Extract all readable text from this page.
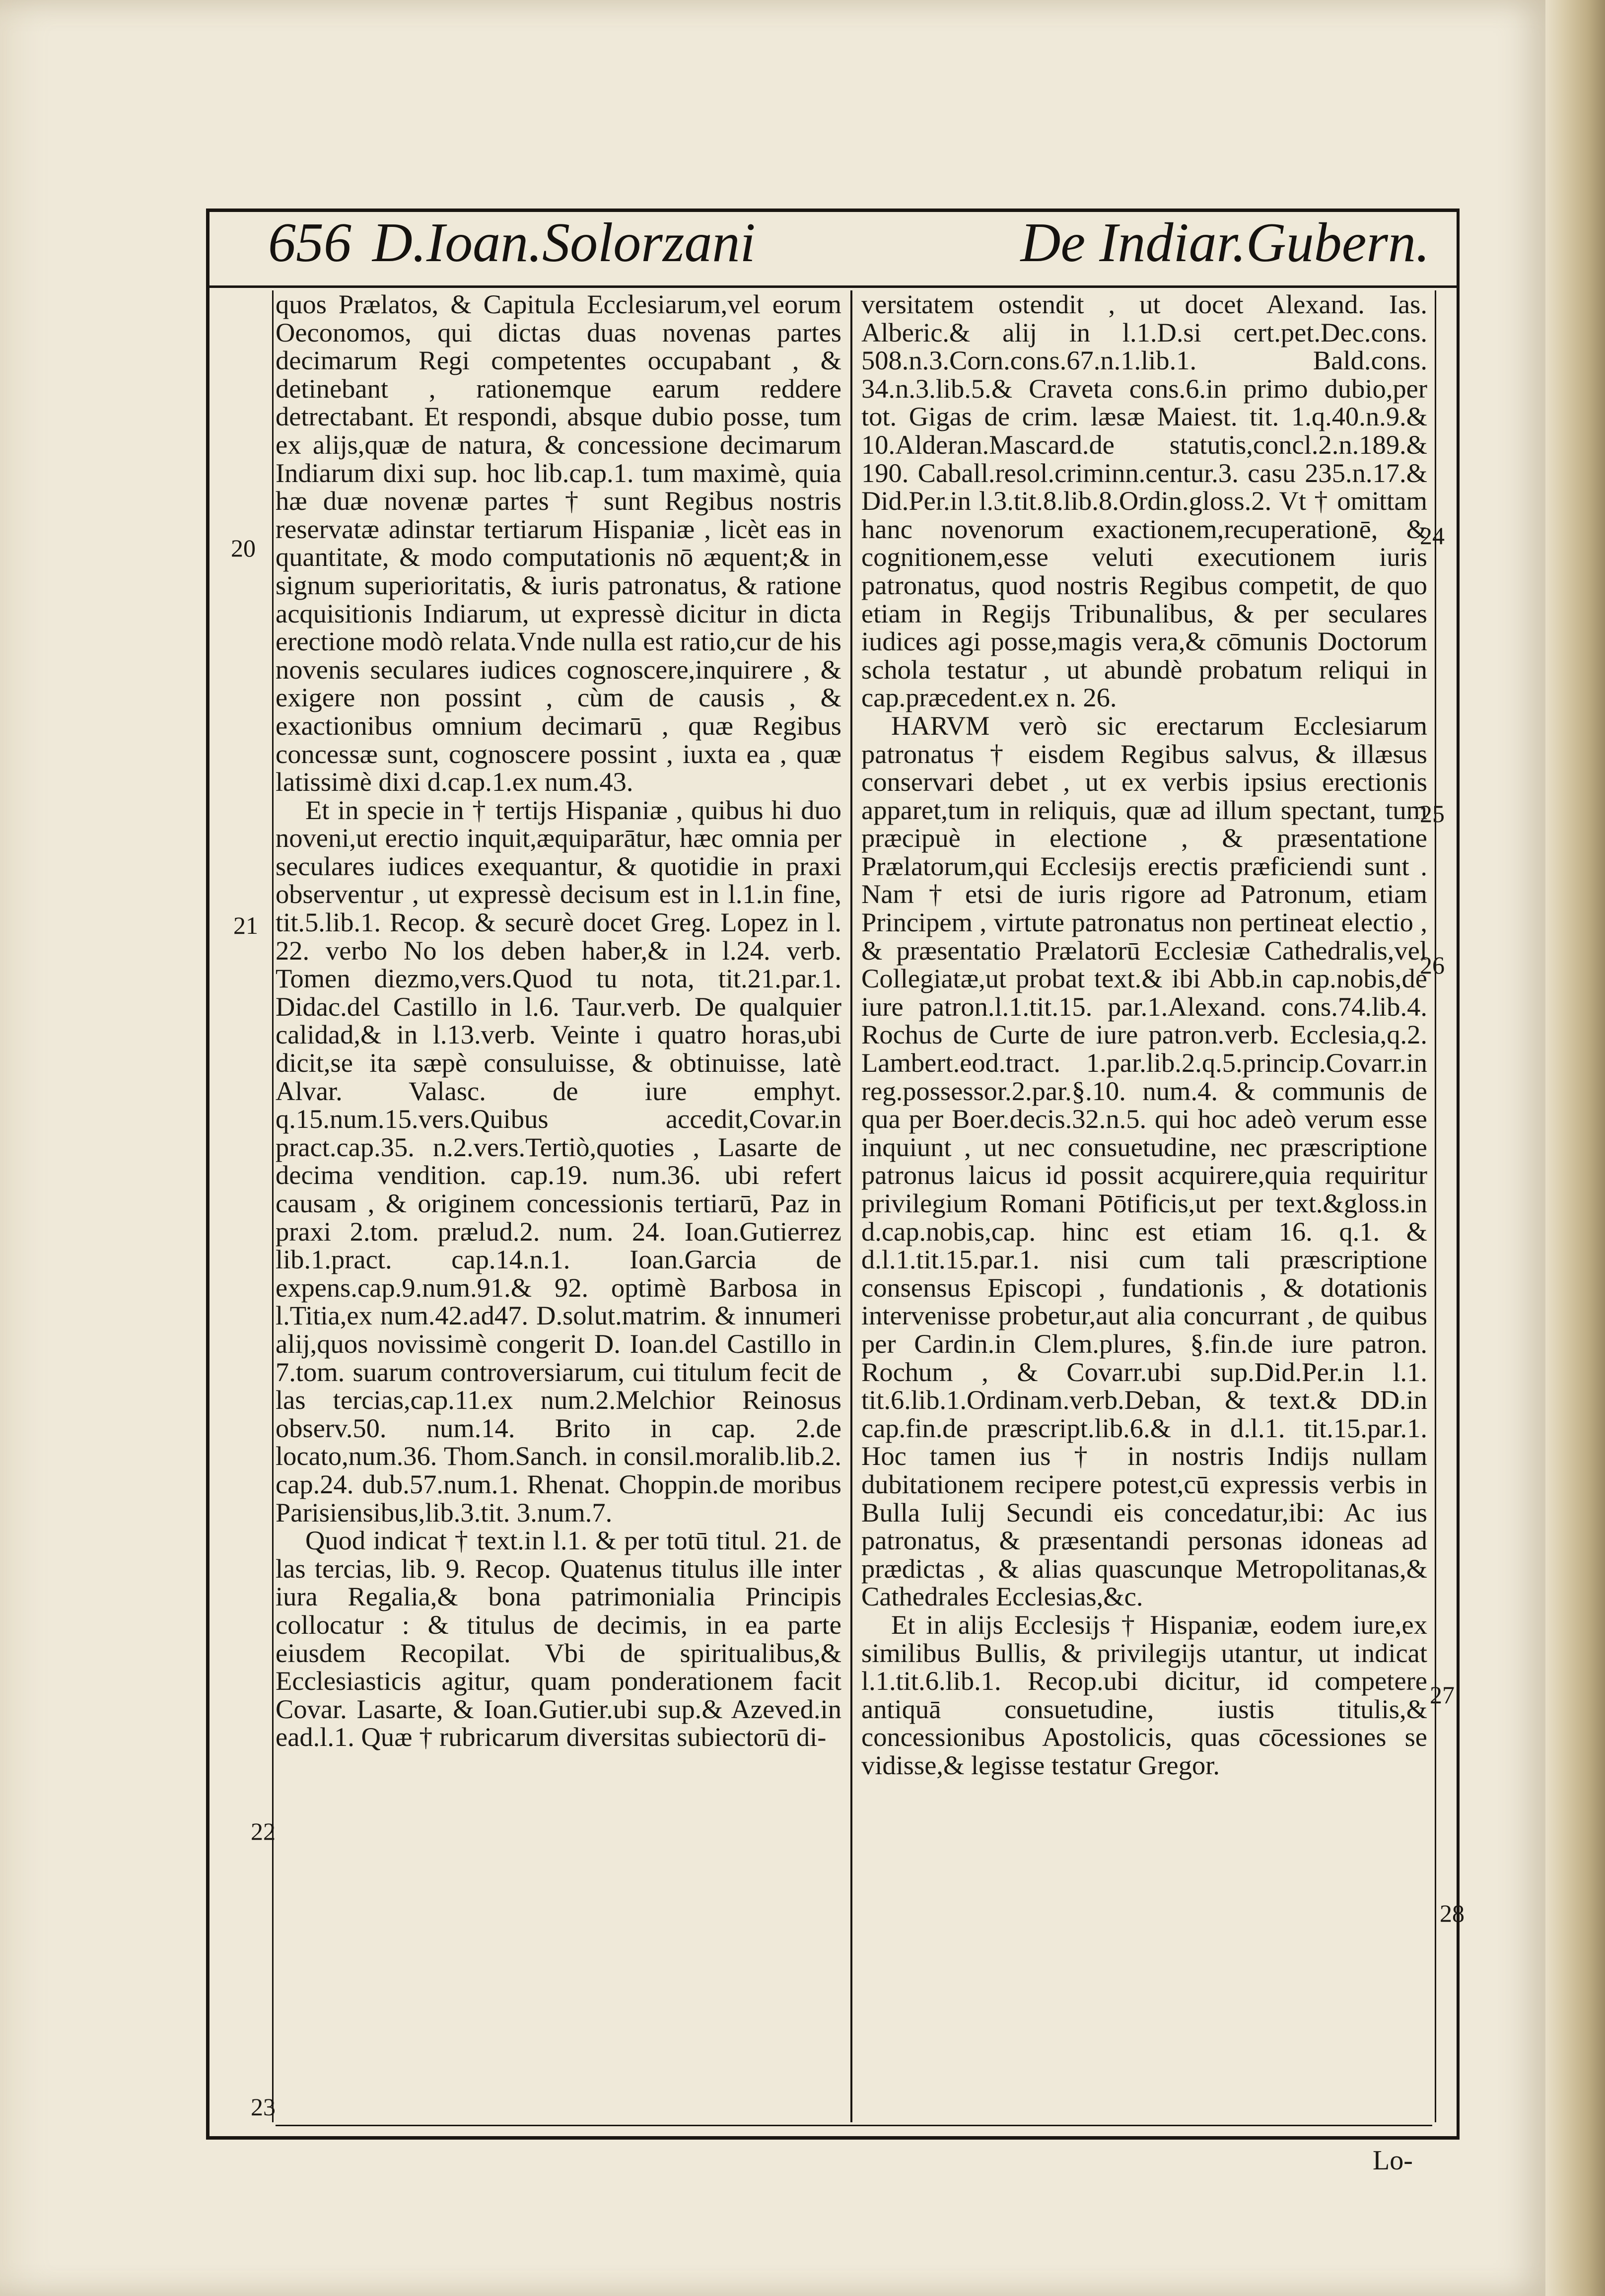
656 D.Ioan.Solorzani	De Indiar.Gubern.

quos Prælatos, & Capitula Ecclesiarum,vel eorum Oeconomos, qui dictas duas novenas partes decimarum Regi competentes occupabant , & detinebant , rationemque earum reddere detrectabant. Et respondi, absque dubio posse, tum ex alijs,quæ de natura, & concessione decimarum Indiarum dixi sup. hoc lib.cap.1. tum maximè, quia hæ duæ novenæ partes † sunt Regibus nostris reservatæ adinstar tertiarum Hispaniæ , licèt eas in quantitate, & modo computationis nō æquent;& in signum superioritatis, & iuris patronatus, & ratione acquisitionis Indiarum, ut expressè dicitur in dicta erectione modò relata.Vnde nulla est ratio,cur de his novenis seculares iudices cognoscere,inquirere , & exigere non possint , cùm de causis , & exactionibus omnium decimarū , quæ Regibus concessæ sunt, cognoscere possint , iuxta ea , quæ latissimè dixi d.cap.1.ex num.43.

Et in specie in † tertijs Hispaniæ , quibus hi duo noveni,ut erectio inquit,æquiparātur, hæc omnia per seculares iudices exequantur, & quotidie in praxi observentur , ut expressè decisum est in l.1.in fine, tit.5.lib.1. Recop. & securè docet Greg. Lopez in l. 22. verbo No los deben haber,& in l.24. verb. Tomen diezmo,vers.Quod tu nota, tit.21.par.1. Didac.del Castillo in l.6. Taur.verb. De qualquier calidad,& in l.13.verb. Veinte i quatro horas,ubi dicit,se ita sæpè consuluisse, & obtinuisse, latè Alvar. Valasc. de iure emphyt. q.15.num.15.vers.Quibus accedit,Covar.in pract.cap.35. n.2.vers.Tertiò,quoties , Lasarte de decima vendition. cap.19. num.36. ubi refert causam , & originem concessionis tertiarū, Paz in praxi 2.tom. prælud.2. num. 24. Ioan.Gutierrez lib.1.pract. cap.14.n.1. Ioan.Garcia de expens.cap.9.num.91.& 92. optimè Barbosa in l.Titia,ex num.42.ad47. D.solut.matrim. & innumeri alij,quos novissimè congerit D. Ioan.del Castillo in 7.tom. suarum controversiarum, cui titulum fecit de las tercias,cap.11.ex num.2.Melchior Reinosus observ.50. num.14. Brito in cap. 2.de locato,num.36. Thom.Sanch. in consil.moralib.lib.2. cap.24. dub.57.num.1. Rhenat. Choppin.de moribus Parisiensibus,lib.3.tit. 3.num.7.

Quod indicat † text.in l.1. & per totū titul. 21. de las tercias, lib. 9. Recop. Quatenus titulus ille inter iura Regalia,& bona patrimonialia Principis collocatur : & titulus de decimis, in ea parte eiusdem Recopilat. Vbi de spiritualibus,& Ecclesiasticis agitur, quam ponderationem facit Covar. Lasarte, & Ioan.Gutier.ubi sup.& Azeved.in ead.l.1. Quæ † rubricarum diversitas subiectorū di-

versitatem ostendit , ut docet Alexand. Ias. Alberic.& alij in l.1.D.si cert.pet.Dec.cons. 508.n.3.Corn.cons.67.n.1.lib.1. Bald.cons. 34.n.3.lib.5.& Craveta cons.6.in primo dubio,per tot. Gigas de crim. læsæ Maiest. tit. 1.q.40.n.9.& 10.Alderan.Mascard.de statutis,concl.2.n.189.& 190. Caball.resol.criminn.centur.3. casu 235.n.17.& Did.Per.in l.3.tit.8.lib.8.Ordin.gloss.2. Vt † omittam hanc novenorum exactionem,recuperationē, & cognitionem,esse veluti executionem iuris patronatus, quod nostris Regibus competit, de quo etiam in Regijs Tribunalibus, & per seculares iudices agi posse,magis vera,& cōmunis Doctorum schola testatur , ut abundè probatum reliqui in cap.præcedent.ex n. 26.

HARVM verò sic erectarum Ecclesiarum patronatus † eisdem Regibus salvus, & illæsus conservari debet , ut ex verbis ipsius erectionis apparet,tum in reliquis, quæ ad illum spectant, tum præcipuè in electione , & præsentatione Prælatorum,qui Ecclesijs erectis præficiendi sunt . Nam † etsi de iuris rigore ad Patronum, etiam Principem , virtute patronatus non pertineat electio , & præsentatio Prælatorū Ecclesiæ Cathedralis,vel Collegiatæ,ut probat text.& ibi Abb.in cap.nobis,de iure patron.l.1.tit.15. par.1.Alexand. cons.74.lib.4. Rochus de Curte de iure patron.verb. Ecclesia,q.2. Lambert.eod.tract. 1.par.lib.2.q.5.princip.Covarr.in reg.possessor.2.par.§.10. num.4. & communis de qua per Boer.decis.32.n.5. qui hoc adeò verum esse inquiunt , ut nec consuetudine, nec præscriptione patronus laicus id possit acquirere,quia requiritur privilegium Romani Pōtificis,ut per text.&gloss.in d.cap.nobis,cap. hinc est etiam 16. q.1. & d.l.1.tit.15.par.1. nisi cum tali præscriptione consensus Episcopi , fundationis , & dotationis intervenisse probetur,aut alia concurrant , de quibus per Cardin.in Clem.plures, §.fin.de iure patron. Rochum , & Covarr.ubi sup.Did.Per.in l.1. tit.6.lib.1.Ordinam.verb.Deban, & text.& DD.in cap.fin.de præscript.lib.6.& in d.l.1. tit.15.par.1. Hoc tamen ius † in nostris Indijs nullam dubitationem recipere potest,cū expressis verbis in Bulla Iulij Secundi eis concedatur,ibi: Ac ius patronatus, & præsentandi personas idoneas ad prædictas , & alias quascunque Metropolitanas,& Cathedrales Ecclesias,&c.

Et in alijs Ecclesijs † Hispaniæ, eodem iure,ex similibus Bullis, & privilegijs utantur, ut indicat l.1.tit.6.lib.1. Recop.ubi dicitur, id competere antiquā consuetudine, iustis titulis,& concessionibus Apostolicis, quas cōcessiones se vidisse,& legisse testatur Gregor.

20
21
22
23
24
25
26
27
28
Lo-
